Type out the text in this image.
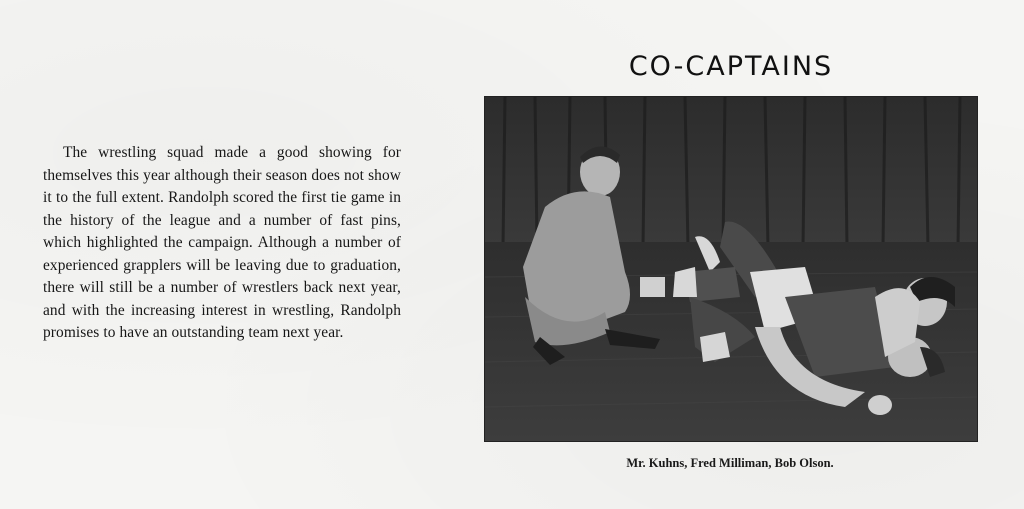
The wrestling squad made a good showing for themselves this year although their season does not show it to the full extent. Randolph scored the first tie game in the history of the league and a number of fast pins, which highlighted the campaign. Although a number of experienced grapplers will be leaving due to graduation, there will still be a number of wrestlers back next year, and with the increasing interest in wrestling, Randolph promises to have an outstanding team next year.
CO-CAPTAINS
Mr. Kuhns, Fred Milliman, Bob Olson.
